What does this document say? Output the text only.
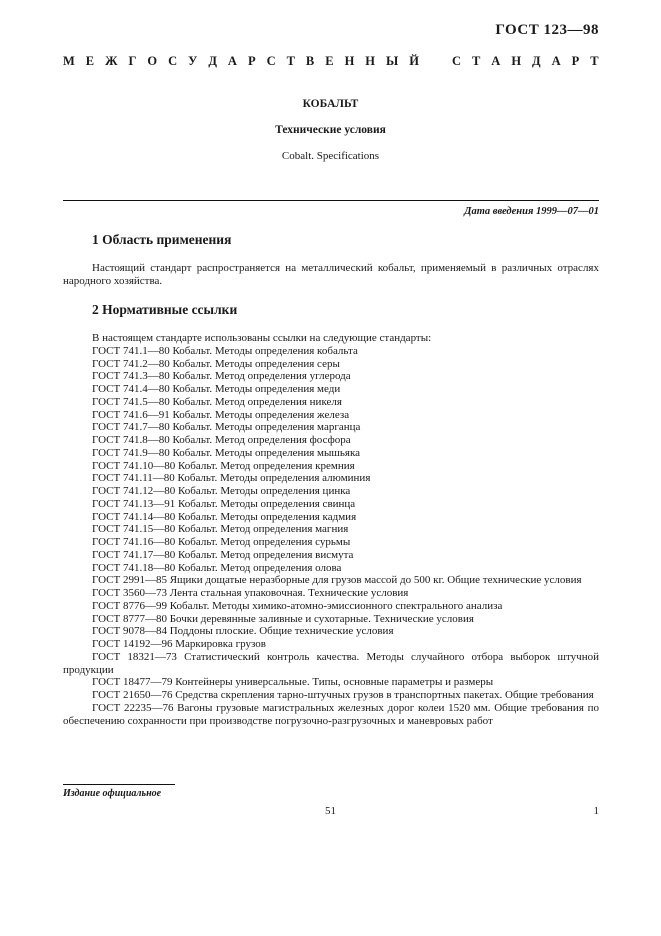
ГОСТ 123—98
М Е Ж Г О С У Д А Р С Т В Е Н Н Ы Й	С Т А Н Д А Р Т
КОБАЛЬТ
Технические условия
Cobalt. Specifications
Дата введения 1999—07—01
1 Область применения
Настоящий стандарт распространяется на металлический кобальт, применяемый в различных отраслях народного хозяйства.
2 Нормативные ссылки
В настоящем стандарте использованы ссылки на следующие стандарты:
ГОСТ 741.1—80 Кобальт. Методы определения кобальта
ГОСТ 741.2—80 Кобальт. Методы определения серы
ГОСТ 741.3—80 Кобальт. Метод определения углерода
ГОСТ 741.4—80 Кобальт. Методы определения меди
ГОСТ 741.5—80 Кобальт. Метод определения никеля
ГОСТ 741.6—91 Кобальт. Методы определения железа
ГОСТ 741.7—80 Кобальт. Методы определения марганца
ГОСТ 741.8—80 Кобальт. Метод определения фосфора
ГОСТ 741.9—80 Кобальт. Методы определения мышьяка
ГОСТ 741.10—80 Кобальт. Метод определения кремния
ГОСТ 741.11—80 Кобальт. Методы определения алюминия
ГОСТ 741.12—80 Кобальт. Методы определения цинка
ГОСТ 741.13—91 Кобальт. Методы определения свинца
ГОСТ 741.14—80 Кобальт. Методы определения кадмия
ГОСТ 741.15—80 Кобальт. Метод определения магния
ГОСТ 741.16—80 Кобальт. Метод определения сурьмы
ГОСТ 741.17—80 Кобальт. Метод определения висмута
ГОСТ 741.18—80 Кобальт. Метод определения олова
ГОСТ 2991—85 Ящики дощатые неразборные для грузов массой до 500 кг. Общие технические условия
ГОСТ 3560—73 Лента стальная упаковочная. Технические условия
ГОСТ 8776—99 Кобальт. Методы химико-атомно-эмиссионного спектрального анализа
ГОСТ 8777—80 Бочки деревянные заливные и сухотарные. Технические условия
ГОСТ 9078—84 Поддоны плоские. Общие технические условия
ГОСТ 14192—96 Маркировка грузов
ГОСТ 18321—73 Статистический контроль качества. Методы случайного отбора выборок штучной продукции
ГОСТ 18477—79 Контейнеры универсальные. Типы, основные параметры и размеры
ГОСТ 21650—76 Средства скрепления тарно-штучных грузов в транспортных пакетах. Общие требования
ГОСТ 22235—76 Вагоны грузовые магистральных железных дорог колеи 1520 мм. Общие требования по обеспечению сохранности при производстве погрузочно-разгрузочных и маневровых работ
Издание официальное
51	1
